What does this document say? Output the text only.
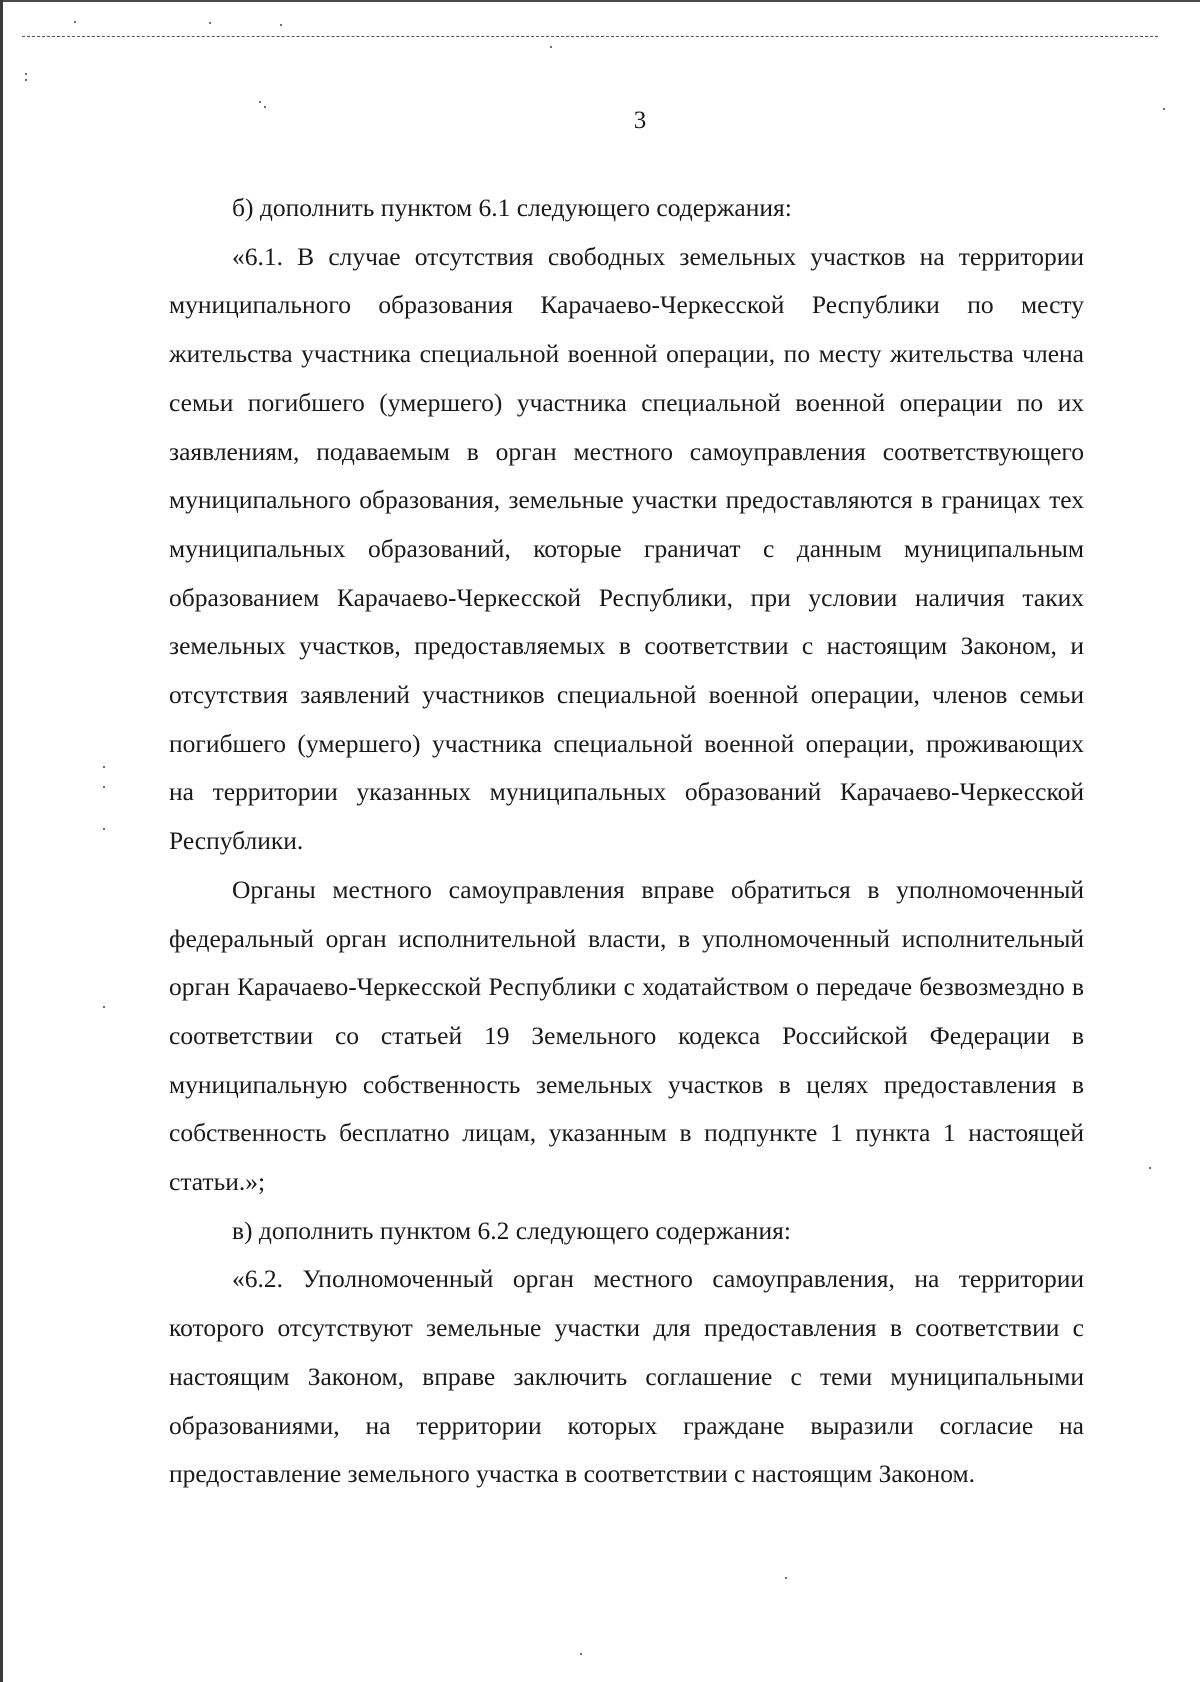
3

б) дополнить пунктом 6.1 следующего содержания:

«6.1. В случае отсутствия свободных земельных участков на территории муниципального образования Карачаево-Черкесской Республики по месту жительства участника специальной военной операции, по месту жительства члена семьи погибшего (умершего) участника специальной военной операции по их заявлениям, подаваемым в орган местного самоуправления соответствующего муниципального образования, земельные участки предоставляются в границах тех муниципальных образований, которые граничат с данным муниципальным образованием Карачаево-Черкесской Республики, при условии наличия таких земельных участков, предоставляемых в соответствии с настоящим Законом, и отсутствия заявлений участников специальной военной операции, членов семьи погибшего (умершего) участника специальной военной операции, проживающих на территории указанных муниципальных образований Карачаево-Черкесской Республики.

Органы местного самоуправления вправе обратиться в уполномоченный федеральный орган исполнительной власти, в уполномоченный исполнительный орган Карачаево-Черкесской Республики с ходатайством о передаче безвозмездно в соответствии со статьей 19 Земельного кодекса Российской Федерации в муниципальную собственность земельных участков в целях предоставления в собственность бесплатно лицам, указанным в подпункте 1 пункта 1 настоящей статьи.»;

в) дополнить пунктом 6.2 следующего содержания:

«6.2. Уполномоченный орган местного самоуправления, на территории которого отсутствуют земельные участки для предоставления в соответствии с настоящим Законом, вправе заключить соглашение с теми муниципальными образованиями, на территории которых граждане выразили согласие на предоставление земельного участка в соответствии с настоящим Законом.
